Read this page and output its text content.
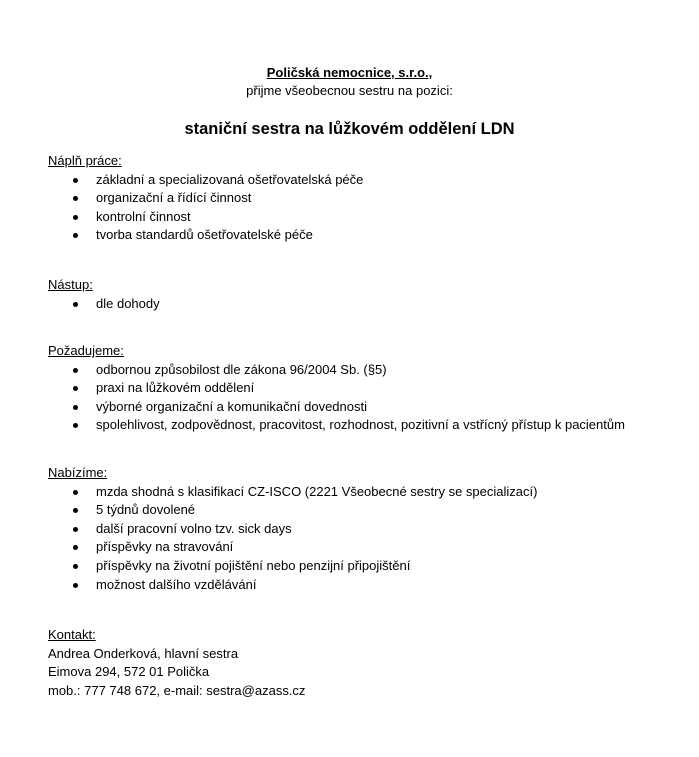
Poličská nemocnice, s.r.o.,
přijme všeobecnou sestru na pozici:
staniční sestra na lůžkovém oddělení LDN

Náplň práce:

základní a specializovaná ošetřovatelská péče
organizační a řídící činnost
kontrolní činnost
tvorba standardů ošetřovatelské péče

Nástup:

dle dohody

Požadujeme:

odbornou způsobilost dle zákona 96/2004 Sb. (§5)
praxi na lůžkovém oddělení
výborné organizační a komunikační dovednosti
spolehlivost, zodpovědnost, pracovitost, rozhodnost, pozitivní a vstřícný přístup k pacientům

Nabízíme:

mzda shodná s klasifikací CZ-ISCO (2221 Všeobecné sestry se specializací)
5 týdnů dovolené
další pracovní volno tzv. sick days
příspěvky na stravování
příspěvky na životní pojištění nebo penzijní připojištění
možnost dalšího vzdělávání

Kontakt:

Andrea Onderková, hlavní sestra
Eimova 294, 572 01 Polička
mob.: 777 748 672, e-mail: sestra@azass.cz
